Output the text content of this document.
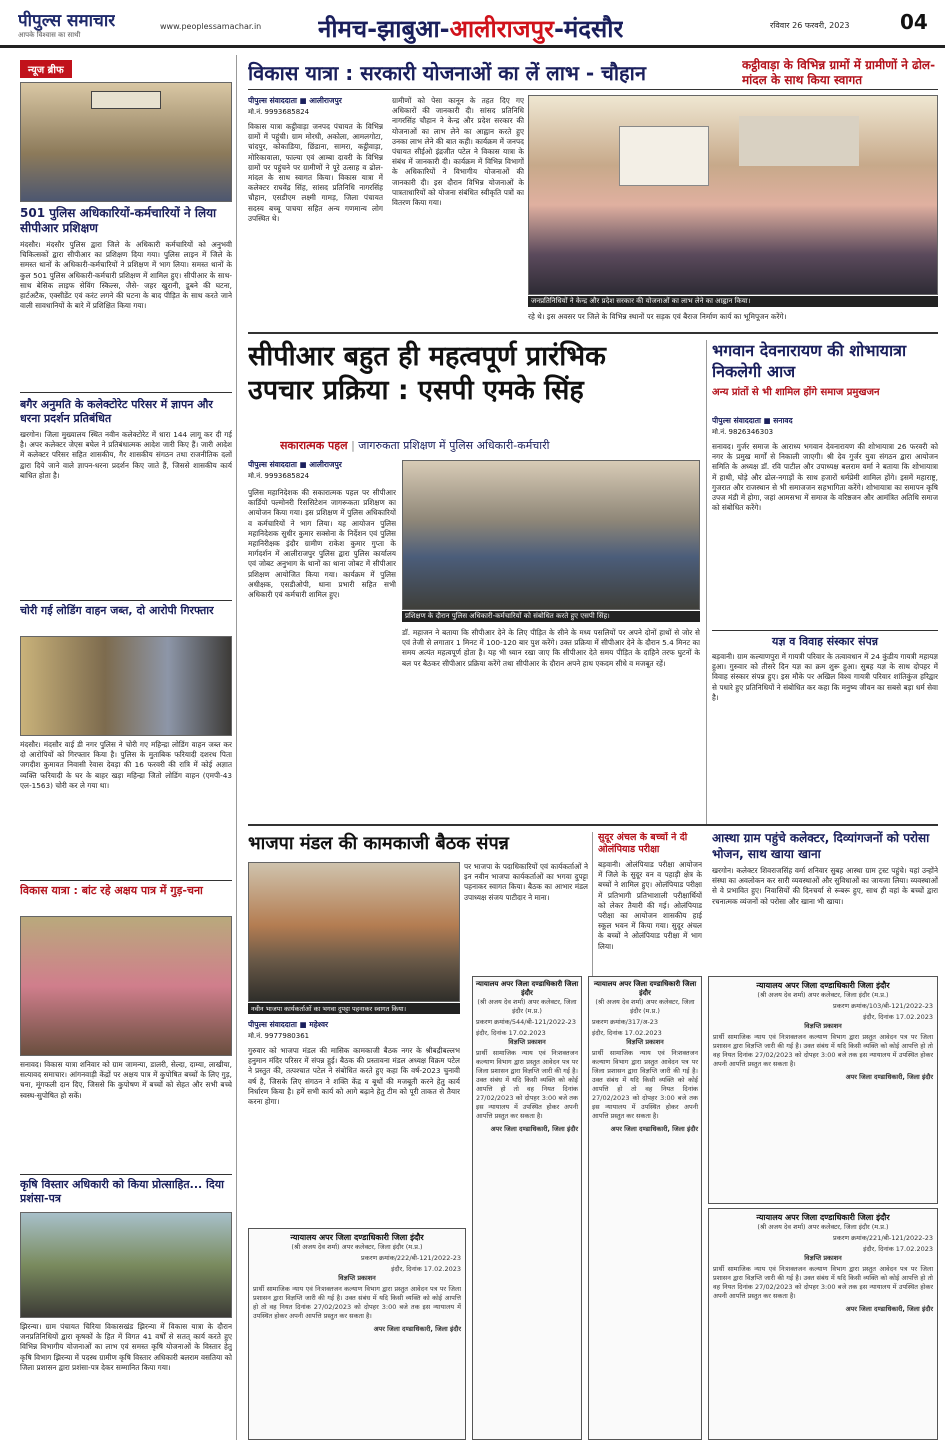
पीपुल्स समाचार
आपके विश्वास का साथी
www.peoplessamachar.in नीमच-झाबुआ-आलीराजपुर-मंदसौर	रविवार 26 फरवरी, 2023	04
न्यूज ब्रीफ
501 पुलिस अधिकारियों-कर्मचारियों ने लिया सीपीआर प्रशिक्षण
मंदसौर। मंदसौर पुलिस द्वारा जिले के अधिकारी कर्मचारियों को अनुभवी चिकित्सकों द्वारा सीपीआर का प्रशिक्षण दिया गया। पुलिस लाइन में जिले के समस्त थानों के अधिकारी-कर्मचारियों ने प्रशिक्षण में भाग लिया। समस्त थानों के कुल 501 पुलिस अधिकारी-कर्मचारी प्रशिक्षण में शामिल हुए। सीपीआर के साथ-साथ बेसिक लाइफ सेविंग स्किल्स, जैसे- जहर खुरानी, डूबने की घटना, हार्टअटैक, एक्सीडेंट एवं करंट लगने की घटना के बाद पीड़ित के साथ करते जाने वाली सावधानियों के बारे में प्रशिक्षित किया गया।
बगैर अनुमति के कलेक्टोरेट परिसर में ज्ञापन और धरना प्रदर्शन प्रतिबंधित
खरगोन। जिला मुख्यालय स्थित नवीन कलेक्टोरेट में धारा 144 लागू कर दी गई है। अपर कलेक्टर जेएस बघेल ने प्रतिबंधात्मक आदेश जारी किए हैं। जारी आदेश में कलेक्टर परिसर सहित शासकीय, गैर शासकीय संगठन तथा राजनीतिक दलों द्वारा दिये जाने वाले ज्ञापन-धरना प्रदर्शन किए जाते हैं, जिससे शासकीय कार्य बाधित होता है।
चोरी गई लोडिंग वाहन जब्त, दो आरोपी गिरफ्तार
मंदसौर। मंदसौर वाई डी नगर पुलिस ने चोरी गए महिन्द्रा लोडिंग वाहन जब्त कर दो आरोपियों को गिरफ्तार किया है। पुलिस के मुताबिक फरियादी दशरथ पिता जगदीश कुमावत निवासी रेवास देवड़ा की 16 फरवरी की रात्रि में कोई अज्ञात व्यक्ति फरियादी के घर के बाहर खड़ा महिन्द्रा जितो लोडिंग वाहन (एमपी-43 एल-1563) चोरी कर ले गया था।
विकास यात्रा : बांट रहे अक्षय पात्र में गुड़-चना
सनावद। विकास यात्रा शनिवार को ग्राम जामन्या, डालरी, सेल्दा, दाम्या, लाखीया, सत्यावद समाचार। आंगनवाड़ी केंद्रों पर अक्षय पात्र में कुपोषित बच्चों के लिए गुड़, चना, मूंगफली दान दिए, जिससे कि कुपोषण में बच्चों को सेहत और सभी बच्चे स्वस्थ-सुपोषित हो सकें।
कृषि विस्तार अधिकारी को किया प्रोत्साहित... दिया प्रशंसा-पत्र
झिरन्या। ग्राम पंचायत चिरिया विकासखंड झिरन्या में विकास यात्रा के दौरान जनप्रतिनिधियों द्वारा कृषकों के हित में विगत 41 वर्षों से सतत् कार्य करते हुए विभिन्न विभागीय योजनाओं का लाभ एवं समस्त कृषि योजनाओं के विस्तार हेतु कृषि विभाग झिरन्या में पदस्थ ग्रामीण कृषि विस्तार अधिकारी बलराम वसतिया को जिला प्रशासन द्वारा प्रशंसा-पत्र देकर सम्मानित किया गया।
विकास यात्रा : सरकारी योजनाओं का लें लाभ - चौहान	कट्ठीवाड़ा के विभिन्न ग्रामों में ग्रामीणों ने ढोल-मांदल के साथ किया स्वागत
पीपुल्स संवाददाता ■ आलीराजपुर
मो.नं. 9993685824
विकास यात्रा कट्ठीवाड़ा जनपद पंचायत के विभिन्न ग्रामों में पहुंची। ग्राम मोरधी, अकोला, आमलगोटा, चांदपुर, कोकाडिया, छिंडाना, सामरा, कट्ठीवाड़ा, मोरिकावाला, फाल्या एवं आम्बा दावरी के विभिन्न ग्रामों पर पहुंचने पर ग्रामीणों ने पूरे उत्साह व ढोल-मांदल के साथ स्वागत किया। विकास यात्रा में कलेक्टर राघवेंद्र सिंह, सांसद प्रतिनिधि नागरसिंह चौहान, एसडीएम लक्ष्मी गामड़, जिला पंचायत सदस्य बच्चू पाचया सहित अन्य गणमान्य लोग उपस्थित थे।
ग्रामीणों को पेसा कानून के तहत दिए गए अधिकारों की जानकारी दी। सांसद प्रतिनिधि नागरसिंह चौहान ने केन्द्र और प्रदेश सरकार की योजनाओं का लाभ लेने का आह्वान करते हुए उनका लाभ लेने की बात कही। कार्यक्रम में जनपद पंचायत सीईओ इंद्रजीत पटेल ने विकास यात्रा के संबंध में जानकारी दी। कार्यक्रम में विभिन्न विभागों के अधिकारियों ने विभागीय योजनाओं की जानकारी दी। इस दौरान विभिन्न योजनाओं के पात्रताधारियों को योजना संबंधित स्वीकृति पत्रों का वितरण किया गया।
जनप्रतिनिधियों ने केन्द्र और प्रदेश सरकार की योजनाओं का लाभ लेने का आह्वान किया।
रहे थे। इस अवसर पर जिले के विभिन्न स्थानों पर सड़क एवं बैराज निर्माण कार्य का भूमिपूजन करेंगे।
सीपीआर बहुत ही महत्वपूर्ण प्रारंभिक
उपचार प्रक्रिया : एसपी एमके सिंह
सकारात्मक पहल | जागरुकता प्रशिक्षण में पुलिस अधिकारी-कर्मचारी
पीपुल्स संवाददाता ■ आलीराजपुर
मो.नं. 9993685824
पुलिस महानिदेशक की सकारात्मक पहल पर सीपीआर कार्डियो पल्मोनरी रिससिटेशन जागरूकता प्रशिक्षण का आयोजन किया गया। इस प्रशिक्षण में पुलिस अधिकारियों व कर्मचारियों ने भाग लिया। यह आयोजन पुलिस महानिदेशक सुधीर कुमार सक्सेना के निर्देशन एवं पुलिस महानिरीक्षक इंदौर ग्रामीण राकेश कुमार गुप्ता के मार्गदर्शन में आलीराजपुर पुलिस द्वारा पुलिस कार्यालय एवं जोबट अनुभाग के थानों का थाना जोबट में सीपीआर प्रशिक्षण आयोजित किया गया। कार्यक्रम में पुलिस अधीक्षक, एसडीओपी, थाना प्रभारी सहित सभी अधिकारी एवं कर्मचारी शामिल हुए।
प्रशिक्षण के दौरान पुलिस अधिकारी-कर्मचारियों को संबोधित करते हुए एसपी सिंह।
डॉ. महाजन ने बताया कि सीपीआर देने के लिए पीड़ित के सीने के मध्य पसलियों पर अपने दोनों हाथों से जोर से एवं तेजी से लगातार 1 मिनट में 100-120 बार पुश करेंगे। उक्त प्रक्रिया में सीपीआर देने के दौरान 5.4 मिनट का समय अत्यंत महत्वपूर्ण होता है। यह भी ध्यान रखा जाए कि सीपीआर देते समय पीड़ित के दाहिने तरफ घुटनों के बल पर बैठकर सीपीआर प्रक्रिया करेंगे तथा सीपीआर के दौरान अपने हाथ एकदम सीधे व मजबूत रहें।
भगवान देवनारायण की शोभायात्रा निकलेगी आज
अन्य प्रांतों से भी शामिल होंगे समाज प्रमुखजन
पीपुल्स संवाददाता ■ सनावद
मो.नं. 9826346303
सनावद। गुर्जर समाज के आराध्य भगवान देवनारायण की शोभायात्रा 26 फरवरी को नगर के प्रमुख मार्गों से निकाली जाएगी। श्री देव गुर्जर युवा संगठन द्वारा आयोजन समिति के अध्यक्ष डॉ. रवि पाटील और उपाध्यक्ष बलराम वर्मा ने बताया कि शोभायात्रा में हाथी, घोड़े और ढोल-नगाड़ों के साथ हजारों धर्मप्रेमी शामिल होंगे। इसमें महाराष्ट्र, गुजरात और राजस्थान से भी समाजजन सहभागिता करेंगे। शोभायात्रा का समापन कृषि उपज मंडी में होगा, जहां आमसभा में समाज के वरिष्ठजन और आमंत्रित अतिथि समाज को संबोधित करेंगे।
यज्ञ व विवाह संस्कार संपन्न
बड़वानी। ग्राम कल्याणपुरा में गायत्री परिवार के तत्वावधान में 24 कुंडीय गायत्री महायज्ञ हुआ। गुरुवार को तीसरे दिन यज्ञ का क्रम शुरू हुआ। सुबह यज्ञ के साथ दोपहर में विवाह संस्कार संपन्न हुए। इस मौके पर अखिल विश्व गायत्री परिवार शांतिकुंज हरिद्वार से पधारे हुए प्रतिनिधियों ने संबोधित कर कहा कि मनुष्य जीवन का सबसे बड़ा धर्म सेवा है।
आस्था ग्राम पहुंचे कलेक्टर, दिव्यांगजनों को परोसा भोजन, साथ खाया खाना
खरगोन। कलेक्टर शिवराजसिंह वर्मा शनिवार सुबह आस्था ग्राम ट्रस्ट पहुंचे। यहां उन्होंने संस्था का अवलोकन कर सारी व्यवस्थाओं और सुविधाओं का जायजा लिया। व्यवस्थाओं से वे प्रभावित हुए। निवासियों की दिनचर्या से रूबरू हुए, साथ ही वहां के बच्चों द्वारा रचनात्मक व्यंजनों को परोसा और खाना भी खाया।
भाजपा मंडल की कामकाजी बैठक संपन्न
नवीन भाजपा कार्यकर्ताओं का भगवा दुपट्टा पहनाकर स्वागत किया।
पीपुल्स संवाददाता ■ महेश्वर
मो.नं. 9977980361
गुरुवार को भाजपा मंडल की मासिक कामकाजी बैठक नगर के श्रीबद्रीबल्लभ हनुमान मंदिर परिसर में संपन्न हुई। बैठक की प्रस्तावना मंडल अध्यक्ष विक्रम पटेल ने प्रस्तुत की, तत्पश्चात पटेल ने संबोधित करते हुए कहा कि वर्ष-2023 चुनावी वर्ष है, जिसके लिए संगठन ने शक्ति केंद्र व बूथों की मजबूती करने हेतु कार्य निर्धारण किया है। हमें सभी कार्य को आगे बढ़ाने हेतु टीम को पूरी ताकत से तैयार करना होगा।
पर भाजपा के पदाधिकारियों एवं कार्यकर्ताओं ने इन नवीन भाजपा कार्यकर्ताओं का भगवा दुपट्टा पहनाकर स्वागत किया। बैठक का आभार मंडल उपाध्यक्ष संजय पाटीदार ने माना।
सुदूर अंचल के बच्चों ने दी ओलंपियाड परीक्षा
बड़वानी। ओलंपियाड परीक्षा आयोजन में जिले के सुदूर वन व पहाड़ी क्षेत्र के बच्चों ने शामिल हुए। ओलंपियाड परीक्षा में प्रतिभागी प्रतिभाशाली परीक्षार्थियों को लेकर तैयारी की गई। ओलंपियाड परीक्षा का आयोजन शासकीय हाई स्कूल भवन में किया गया। सुदूर अंचल के बच्चों ने ओलंपियाड परीक्षा में भाग लिया।
न्यायालय अपर जिला दण्डाधिकारी जिला इंदौर
(श्री अजय देव शर्मा) अपर कलेक्टर, जिला इंदौर (म.प्र.)
प्रकरण क्रमांक/222/बी-121/2022-23
इंदौर, दिनांक 17.02.2023
विज्ञप्ति प्रकाशन
प्रार्थी सामाजिक न्याय एवं निःशक्तजन कल्याण विभाग द्वारा प्रस्तुत आवेदन पत्र पर जिला प्रशासन द्वारा विज्ञप्ति जारी की गई है। उक्त संबंध में यदि किसी व्यक्ति को कोई आपत्ति हो तो वह नियत दिनांक 27/02/2023 को दोपहर 3:00 बजे तक इस न्यायालय में उपस्थित होकर अपनी आपत्ति प्रस्तुत कर सकता है।
अपर जिला दण्डाधिकारी, जिला इंदौर
न्यायालय अपर जिला दण्डाधिकारी जिला इंदौर
(श्री अजय देव शर्मा) अपर कलेक्टर, जिला इंदौर (म.प्र.)
प्रकरण क्रमांक/544/बी-121/2022-23
इंदौर, दिनांक 17.02.2023
विज्ञप्ति प्रकाशन
प्रार्थी सामाजिक न्याय एवं निःशक्तजन कल्याण विभाग द्वारा प्रस्तुत आवेदन पत्र पर जिला प्रशासन द्वारा विज्ञप्ति जारी की गई है। उक्त संबंध में यदि किसी व्यक्ति को कोई आपत्ति हो तो वह नियत दिनांक 27/02/2023 को दोपहर 3:00 बजे तक इस न्यायालय में उपस्थित होकर अपनी आपत्ति प्रस्तुत कर सकता है।
अपर जिला दण्डाधिकारी, जिला इंदौर
न्यायालय अपर जिला दण्डाधिकारी जिला इंदौर
(श्री अजय देव शर्मा) अपर कलेक्टर, जिला इंदौर (म.प्र.)
प्रकरण क्रमांक/317/अ-23
इंदौर, दिनांक 17.02.2023
विज्ञप्ति प्रकाशन
प्रार्थी सामाजिक न्याय एवं निःशक्तजन कल्याण विभाग द्वारा प्रस्तुत आवेदन पत्र पर जिला प्रशासन द्वारा विज्ञप्ति जारी की गई है। उक्त संबंध में यदि किसी व्यक्ति को कोई आपत्ति हो तो वह नियत दिनांक 27/02/2023 को दोपहर 3:00 बजे तक इस न्यायालय में उपस्थित होकर अपनी आपत्ति प्रस्तुत कर सकता है।
अपर जिला दण्डाधिकारी, जिला इंदौर
न्यायालय अपर जिला दण्डाधिकारी जिला इंदौर
(श्री अजय देव शर्मा) अपर कलेक्टर, जिला इंदौर (म.प्र.)
प्रकरण क्रमांक/103/बी-121/2022-23
इंदौर, दिनांक 17.02.2023
विज्ञप्ति प्रकाशन
प्रार्थी सामाजिक न्याय एवं निःशक्तजन कल्याण विभाग द्वारा प्रस्तुत आवेदन पत्र पर जिला प्रशासन द्वारा विज्ञप्ति जारी की गई है। उक्त संबंध में यदि किसी व्यक्ति को कोई आपत्ति हो तो वह नियत दिनांक 27/02/2023 को दोपहर 3:00 बजे तक इस न्यायालय में उपस्थित होकर अपनी आपत्ति प्रस्तुत कर सकता है।
अपर जिला दण्डाधिकारी, जिला इंदौर
न्यायालय अपर जिला दण्डाधिकारी जिला इंदौर
(श्री अजय देव शर्मा) अपर कलेक्टर, जिला इंदौर (म.प्र.)
प्रकरण क्रमांक/221/बी-121/2022-23
इंदौर, दिनांक 17.02.2023
विज्ञप्ति प्रकाशन
प्रार्थी सामाजिक न्याय एवं निःशक्तजन कल्याण विभाग द्वारा प्रस्तुत आवेदन पत्र पर जिला प्रशासन द्वारा विज्ञप्ति जारी की गई है। उक्त संबंध में यदि किसी व्यक्ति को कोई आपत्ति हो तो वह नियत दिनांक 27/02/2023 को दोपहर 3:00 बजे तक इस न्यायालय में उपस्थित होकर अपनी आपत्ति प्रस्तुत कर सकता है।
अपर जिला दण्डाधिकारी, जिला इंदौर
